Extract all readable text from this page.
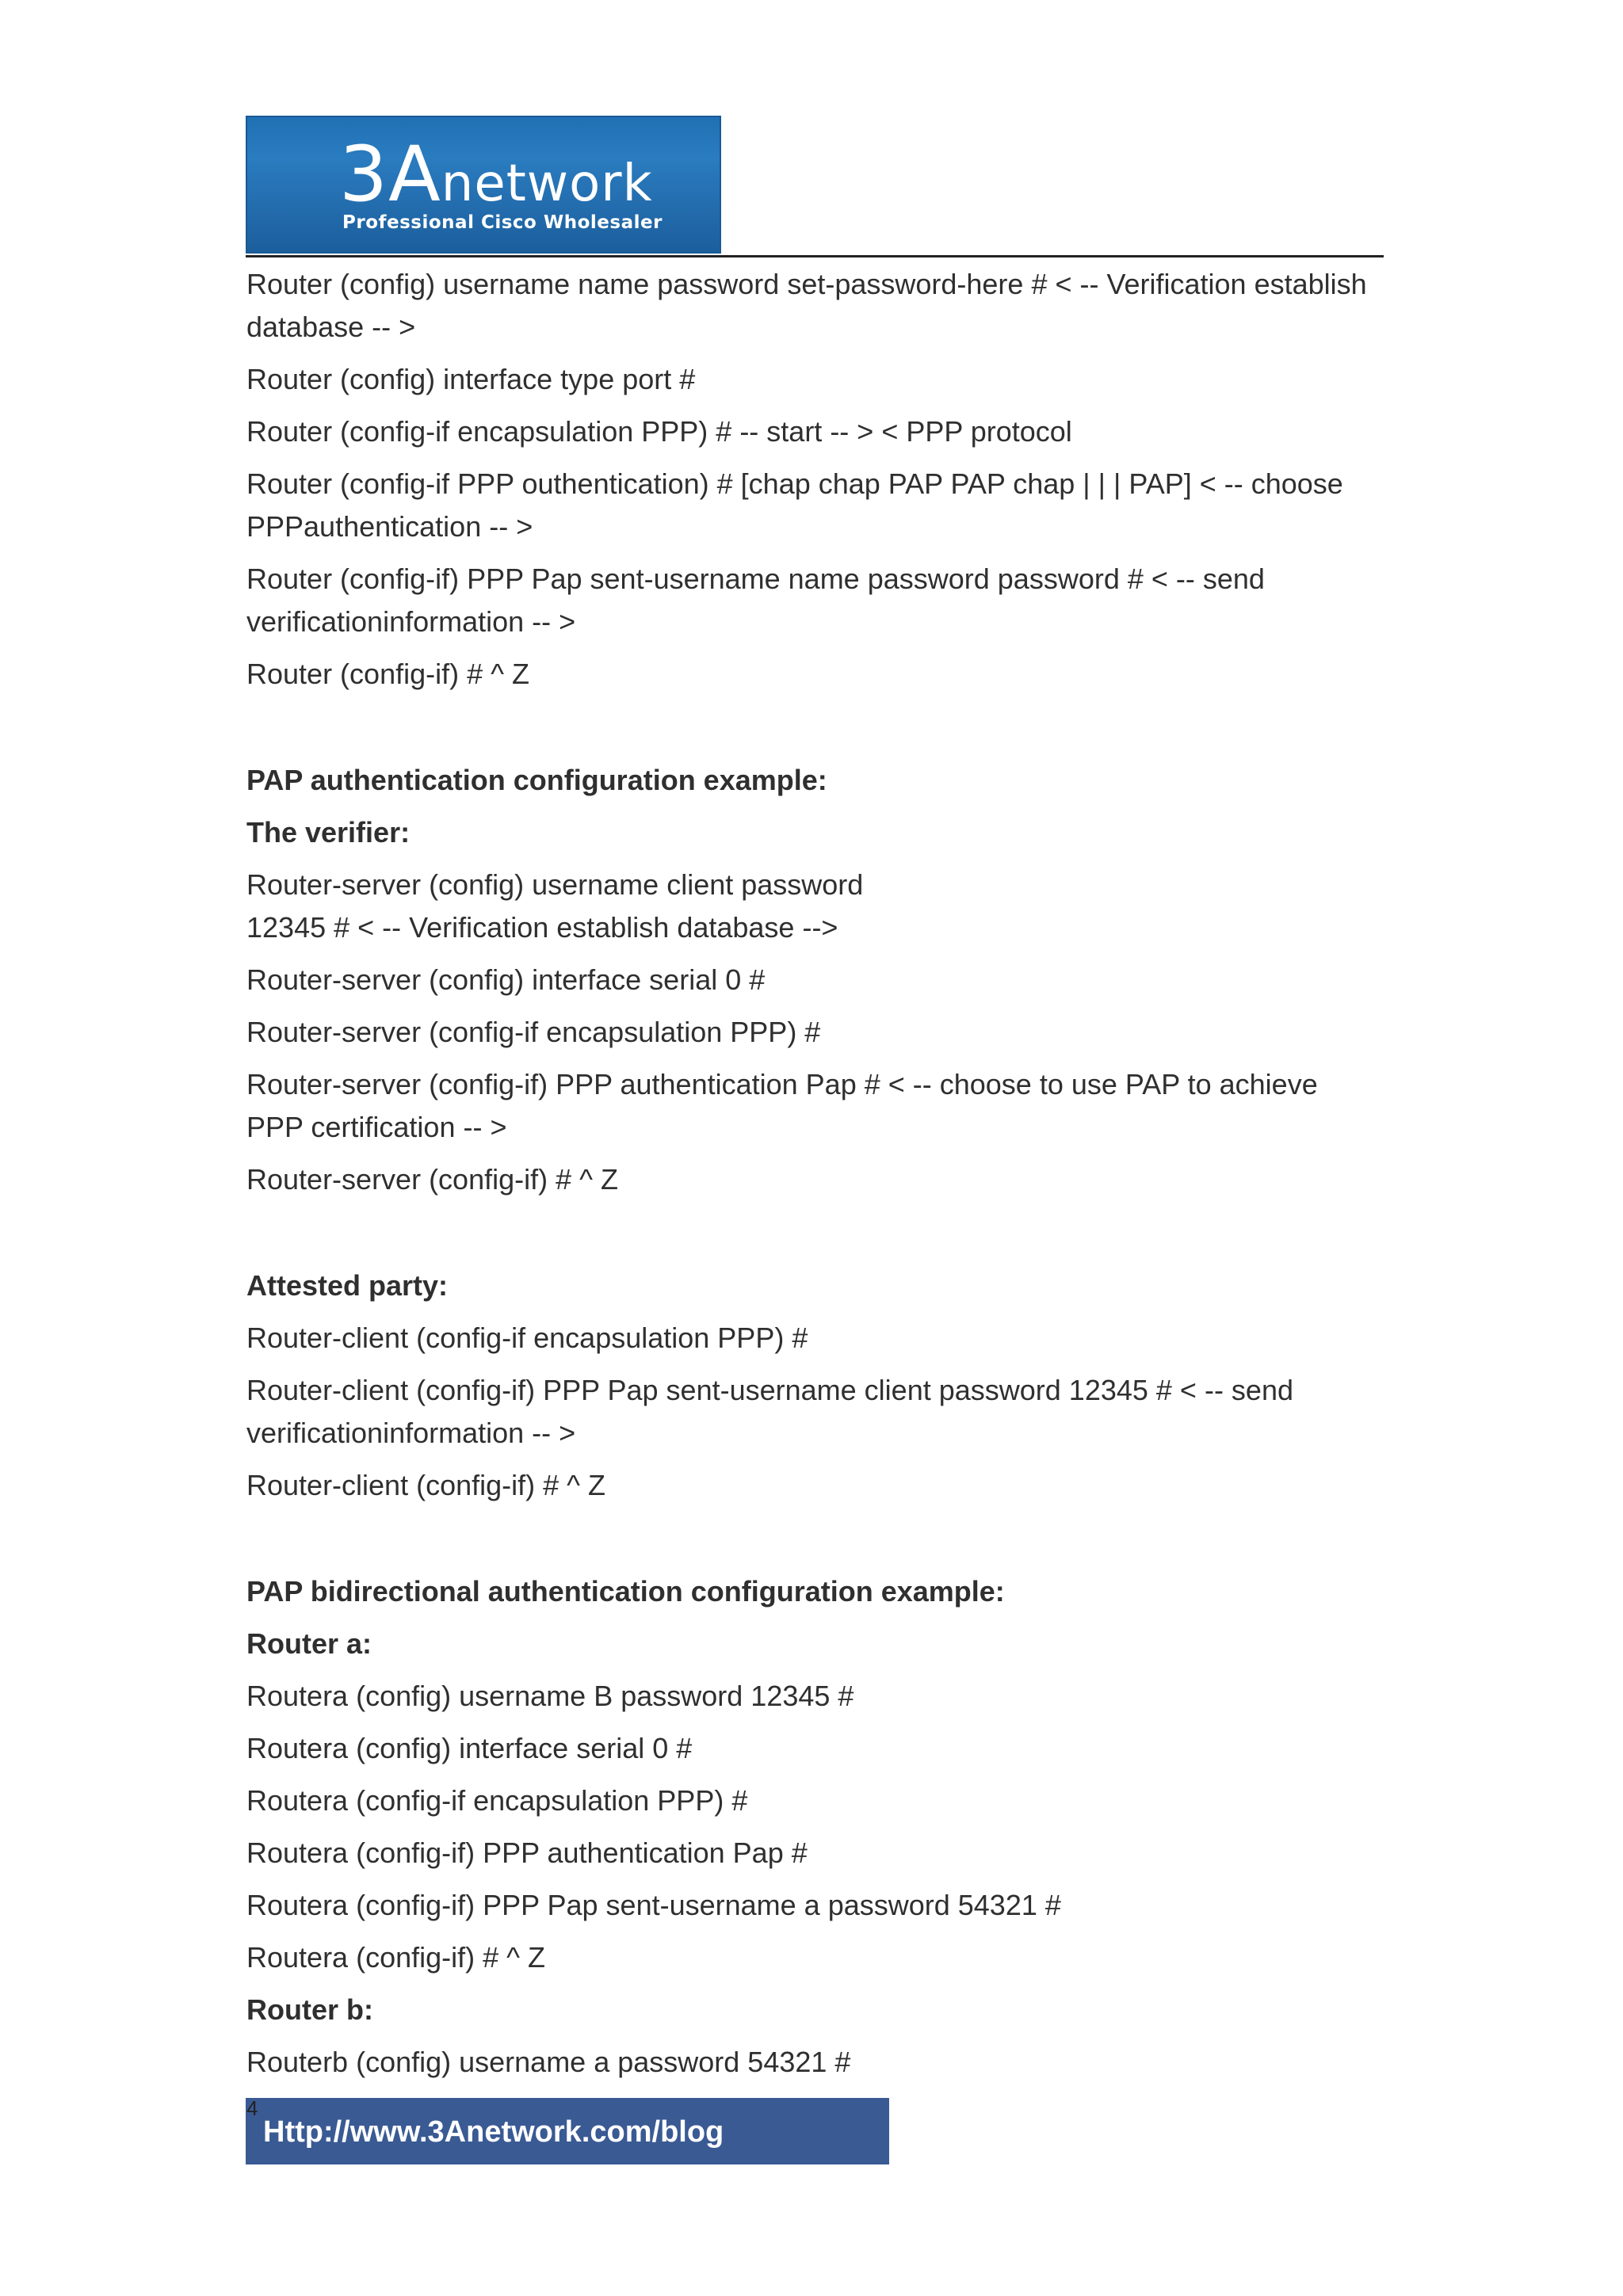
3Anetwork
Professional Cisco Wholesaler
Router (config) username name password set-password-here # < -- Verification establish
database -- >
Router (config) interface type port #
Router (config-if encapsulation PPP) # -- start -- > < PPP protocol
Router (config-if PPP outhentication) # [chap chap PAP PAP chap | | | PAP] < -- choose
PPPauthentication -- >
Router (config-if) PPP Pap sent-username name password password # < -- send
verificationinformation -- >
Router (config-if) # ^ Z
PAP authentication configuration example:
The verifier:
Router-server (config) username client password
12345 # < -- Verification establish database -->
Router-server (config) interface serial 0 #
Router-server (config-if encapsulation PPP) #
Router-server (config-if) PPP authentication Pap # < -- choose to use PAP to achieve
PPP certification -- >
Router-server (config-if) # ^ Z
Attested party:
Router-client (config-if encapsulation PPP) #
Router-client (config-if) PPP Pap sent-username client password 12345 # < -- send
verificationinformation -- >
Router-client (config-if) # ^ Z
PAP bidirectional authentication configuration example:
Router a:
Routera (config) username B password 12345 #
Routera (config) interface serial 0 #
Routera (config-if encapsulation PPP) #
Routera (config-if) PPP authentication Pap #
Routera (config-if) PPP Pap sent-username a password 54321 #
Routera (config-if) # ^ Z
Router b:
Routerb (config) username a password 54321 #
Http://www.3Anetwork.com/blog
4
